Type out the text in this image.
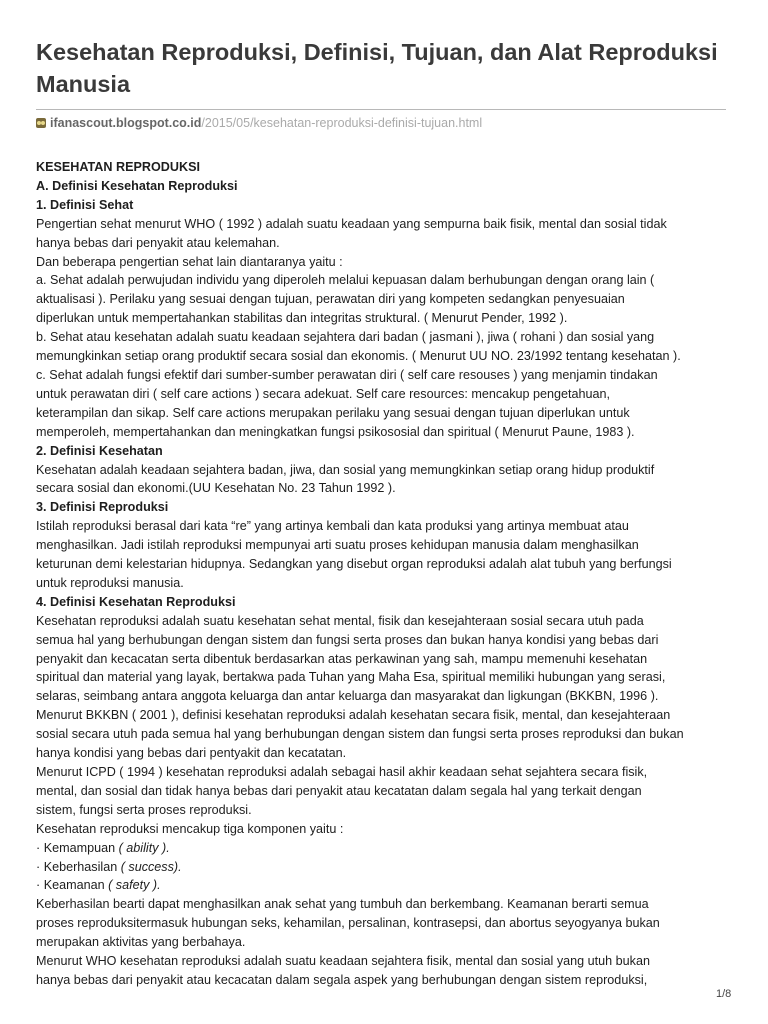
Kesehatan Reproduksi, Definisi, Tujuan, dan Alat Reproduksi Manusia
ifanascout.blogspot.co.id /2015/05/kesehatan-reproduksi-definisi-tujuan.html

KESEHATAN REPRODUKSI

A. Definisi Kesehatan Reproduksi

1. Definisi Sehat

Pengertian sehat menurut WHO ( 1992 ) adalah suatu keadaan yang sempurna baik fisik, mental dan sosial tidak

hanya bebas dari penyakit atau kelemahan.

Dan beberapa pengertian sehat lain diantaranya yaitu :

a. Sehat adalah perwujudan individu yang diperoleh melalui kepuasan dalam berhubungan dengan orang lain (

aktualisasi ). Perilaku yang sesuai dengan tujuan, perawatan diri yang kompeten sedangkan penyesuaian

diperlukan untuk mempertahankan stabilitas dan integritas struktural. ( Menurut Pender, 1992 ).

b. Sehat atau kesehatan adalah suatu keadaan sejahtera dari badan ( jasmani ), jiwa ( rohani ) dan sosial yang

memungkinkan setiap orang produktif secara sosial dan ekonomis. ( Menurut UU NO. 23/1992 tentang kesehatan ).

c. Sehat adalah fungsi efektif dari sumber-sumber perawatan diri ( self care resouses ) yang menjamin tindakan

untuk perawatan diri ( self care actions ) secara adekuat. Self care resources: mencakup pengetahuan,

keterampilan dan sikap. Self care actions merupakan perilaku yang sesuai dengan tujuan diperlukan untuk

memperoleh, mempertahankan dan meningkatkan fungsi psikososial dan spiritual ( Menurut Paune, 1983 ).

2. Definisi Kesehatan

Kesehatan adalah keadaan sejahtera badan, jiwa, dan sosial yang memungkinkan setiap orang hidup produktif

secara sosial dan ekonomi.(UU Kesehatan No. 23 Tahun 1992 ).

3. Definisi Reproduksi

Istilah reproduksi berasal dari kata “re” yang artinya kembali dan kata produksi yang artinya membuat atau

menghasilkan. Jadi istilah reproduksi mempunyai arti suatu proses kehidupan manusia dalam menghasilkan

keturunan demi kelestarian hidupnya. Sedangkan yang disebut organ reproduksi adalah alat tubuh yang berfungsi

untuk reproduksi manusia.

4. Definisi Kesehatan Reproduksi

Kesehatan reproduksi adalah suatu kesehatan sehat mental, fisik dan kesejahteraan sosial secara utuh pada

semua hal yang berhubungan dengan sistem dan fungsi serta proses dan bukan hanya kondisi yang bebas dari

penyakit dan kecacatan serta dibentuk berdasarkan atas perkawinan yang sah, mampu memenuhi kesehatan

spiritual dan material yang layak, bertakwa pada Tuhan yang Maha Esa, spiritual memiliki hubungan yang serasi,

selaras, seimbang antara anggota keluarga dan antar keluarga dan masyarakat dan ligkungan (BKKBN, 1996 ).

Menurut BKKBN ( 2001 ), definisi kesehatan reproduksi adalah kesehatan secara fisik, mental, dan kesejahteraan

sosial secara utuh pada semua hal yang berhubungan dengan sistem dan fungsi serta proses reproduksi dan bukan

hanya kondisi yang bebas dari pentyakit dan kecatatan.

Menurut ICPD ( 1994 ) kesehatan reproduksi adalah sebagai hasil akhir keadaan sehat sejahtera secara fisik,

mental, dan sosial dan tidak hanya bebas dari penyakit atau kecatatan dalam segala hal yang terkait dengan

sistem, fungsi serta proses reproduksi.

Kesehatan reproduksi mencakup tiga komponen yaitu :

· Kemampuan ( ability ).

· Keberhasilan ( success).

· Keamanan ( safety ).

Keberhasilan bearti dapat menghasilkan anak sehat yang tumbuh dan berkembang. Keamanan berarti semua

proses reproduksitermasuk hubungan seks, kehamilan, persalinan, kontrasepsi, dan abortus seyogyanya bukan

merupakan aktivitas yang berbahaya.

Menurut WHO kesehatan reproduksi adalah suatu keadaan sejahtera fisik, mental dan sosial yang utuh bukan

hanya bebas dari penyakit atau kecacatan dalam segala aspek yang berhubungan dengan sistem reproduksi,

1/8
